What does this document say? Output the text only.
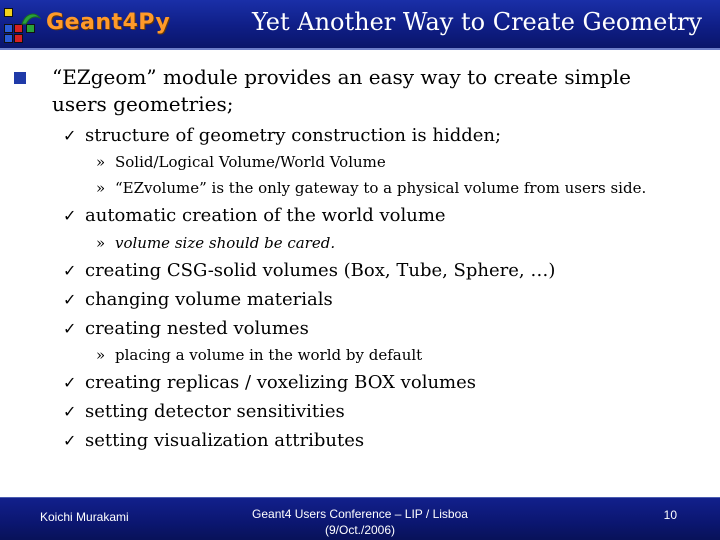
Geant4Py	Yet Another Way to Create Geometry
“EZgeom” module provides an easy way to create simple
users geometries;
✓ structure of geometry construction is hidden;
» Solid/Logical Volume/World Volume
» “EZvolume” is the only gateway to a physical volume from users side.
✓ automatic creation of the world volume
» volume size should be cared.
✓ creating CSG-solid volumes (Box, Tube, Sphere, …)
✓ changing volume materials
✓ creating nested volumes
» placing a volume in the world by default
✓ creating replicas / voxelizing BOX volumes
✓ setting detector sensitivities
✓ setting visualization attributes
Koichi Murakami	Geant4 Users Conference – LIP / Lisboa
(9/Oct./2006)
10
